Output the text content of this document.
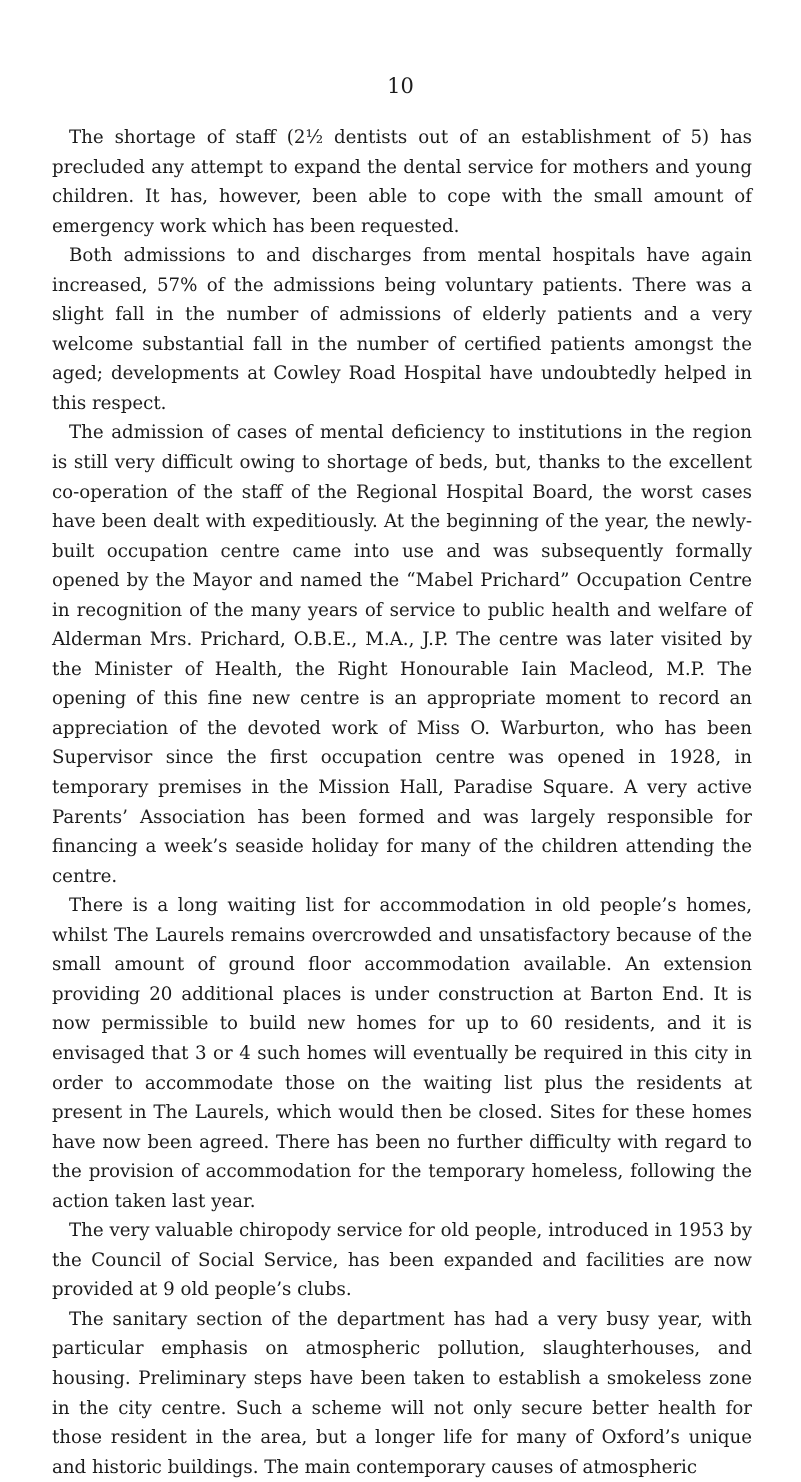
10

The shortage of staff (2½ dentists out of an establishment of 5) has precluded any attempt to expand the dental service for mothers and young children. It has, however, been able to cope with the small amount of emergency work which has been requested.

Both admissions to and discharges from mental hospitals have again increased, 57% of the admissions being voluntary patients. There was a slight fall in the number of admissions of elderly patients and a very welcome substantial fall in the number of certified patients amongst the aged; developments at Cowley Road Hospital have undoubtedly helped in this respect.

The admission of cases of mental deficiency to institutions in the region is still very difficult owing to shortage of beds, but, thanks to the excellent co-operation of the staff of the Regional Hospital Board, the worst cases have been dealt with expeditiously. At the beginning of the year, the newly-built occupation centre came into use and was subsequently formally opened by the Mayor and named the “Mabel Prichard” Occupation Centre in recognition of the many years of service to public health and welfare of Alderman Mrs. Prichard, O.B.E., M.A., J.P. The centre was later visited by the Minister of Health, the Right Honourable Iain Macleod, M.P. The opening of this fine new centre is an appropriate moment to record an appreciation of the devoted work of Miss O. Warburton, who has been Supervisor since the first occupation centre was opened in 1928, in temporary premises in the Mission Hall, Paradise Square. A very active Parents’ Association has been formed and was largely responsible for financing a week’s seaside holiday for many of the children attending the centre.

There is a long waiting list for accommodation in old people’s homes, whilst The Laurels remains overcrowded and unsatisfactory because of the small amount of ground floor accommodation available. An extension providing 20 additional places is under construction at Barton End. It is now permissible to build new homes for up to 60 residents, and it is envisaged that 3 or 4 such homes will eventually be required in this city in order to accommodate those on the waiting list plus the residents at present in The Laurels, which would then be closed. Sites for these homes have now been agreed. There has been no further difficulty with regard to the provision of accommodation for the temporary homeless, following the action taken last year.

The very valuable chiropody service for old people, introduced in 1953 by the Council of Social Service, has been expanded and facilities are now provided at 9 old people’s clubs.

The sanitary section of the department has had a very busy year, with particular emphasis on atmospheric pollution, slaughterhouses, and housing. Preliminary steps have been taken to establish a smokeless zone in the city centre. Such a scheme will not only secure better health for those resident in the area, but a longer life for many of Oxford’s unique and historic buildings. The main contemporary causes of atmospheric
